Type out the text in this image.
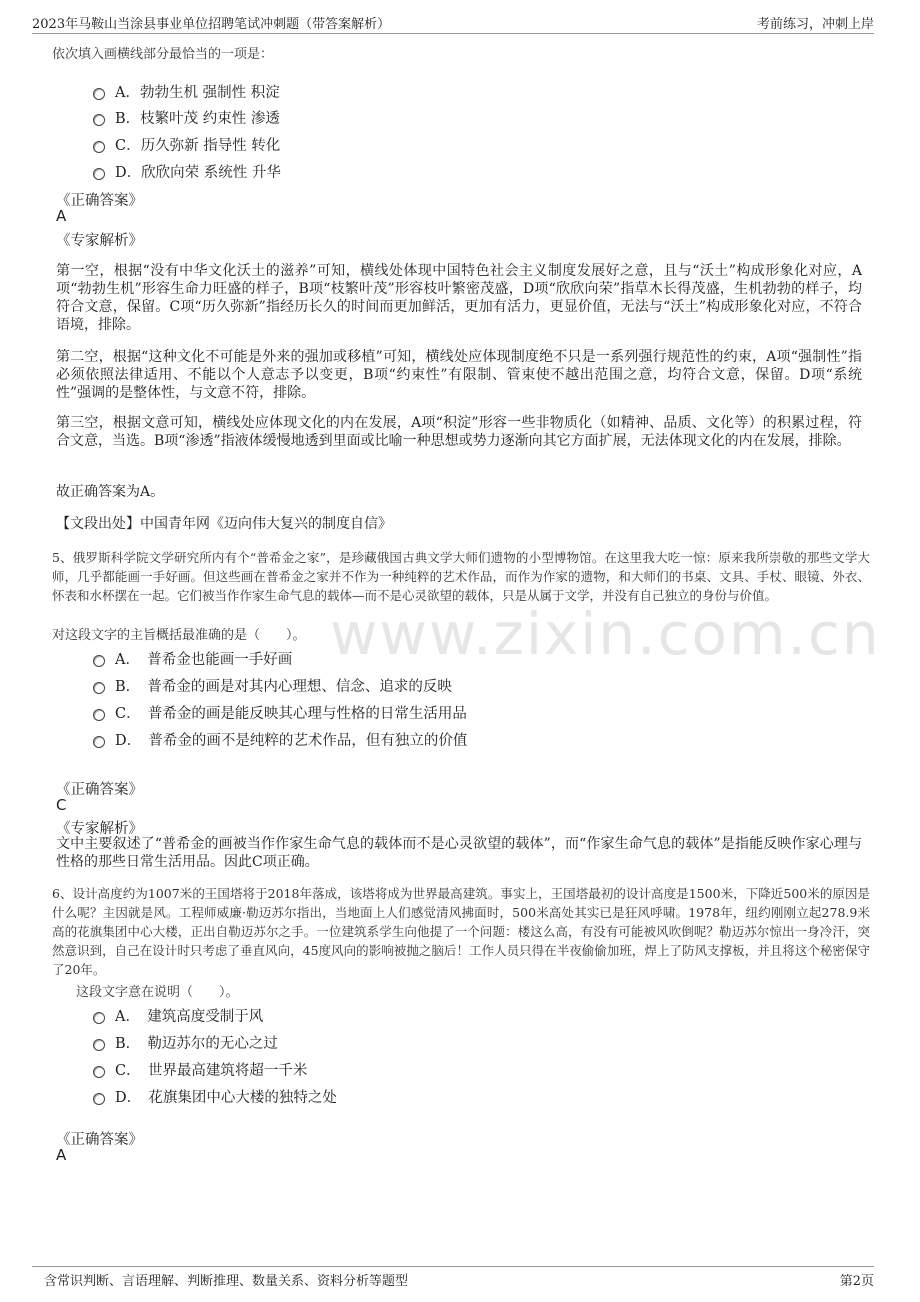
2023年马鞍山当涂县事业单位招聘笔试冲刺题（带答案解析）	考前练习，冲刺上岸
www.zixin.com.cn
依次填入画横线部分最恰当的一项是：
A．勃勃生机 强制性 积淀
B．枝繁叶茂 约束性 渗透
C．历久弥新 指导性 转化
D．欣欣向荣 系统性 升华
《正确答案》
A
《专家解析》
第一空，根据“没有中华文化沃土的滋养”可知，横线处体现中国特色社会主义制度发展好之意，且与“沃土”构成形象化对应，A项“勃勃生机”形容生命力旺盛的样子，B项“枝繁叶茂”形容枝叶繁密茂盛，D项“欣欣向荣”指草木长得茂盛，生机勃勃的样子，均符合文意，保留。C项“历久弥新”指经历长久的时间而更加鲜活，更加有活力，更显价值，无法与“沃土”构成形象化对应，不符合语境，排除。
第二空，根据“这种文化不可能是外来的强加或移植”可知，横线处应体现制度绝不只是一系列强行规范性的约束，A项“强制性”指必须依照法律适用、不能以个人意志予以变更，B项“约束性”有限制、管束使不越出范围之意，均符合文意，保留。D项“系统性”强调的是整体性，与文意不符，排除。
第三空，根据文意可知，横线处应体现文化的内在发展，A项“积淀”形容一些非物质化（如精神、品质、文化等）的积累过程，符合文意，当选。B项“渗透”指液体缓慢地透到里面或比喻一种思想或势力逐渐向其它方面扩展，无法体现文化的内在发展，排除。
故正确答案为A。
【文段出处】中国青年网《迈向伟大复兴的制度自信》
5、俄罗斯科学院文学研究所内有个“普希金之家”，是珍藏俄国古典文学大师们遗物的小型博物馆。在这里我大吃一惊：原来我所崇敬的那些文学大师，几乎都能画一手好画。但这些画在普希金之家并不作为一种纯粹的艺术作品，而作为作家的遗物，和大师们的书桌、文具、手杖、眼镜、外衣、怀表和水杯摆在一起。它们被当作作家生命气息的载体—而不是心灵欲望的载体，只是从属于文学，并没有自己独立的身份与价值。
对这段文字的主旨概括最准确的是（　　）。
A．　普希金也能画一手好画
B．　普希金的画是对其内心理想、信念、追求的反映
C．　普希金的画是能反映其心理与性格的日常生活用品
D．　普希金的画不是纯粹的艺术作品，但有独立的价值
《正确答案》
C
《专家解析》
文中主要叙述了“普希金的画被当作作家生命气息的载体而不是心灵欲望的载体”，而“作家生命气息的载体”是指能反映作家心理与性格的那些日常生活用品。因此C项正确。
6、设计高度约为1007米的王国塔将于2018年落成，该塔将成为世界最高建筑。事实上，王国塔最初的设计高度是1500米，下降近500米的原因是什么呢？主因就是风。工程师威廉·勒迈苏尔指出，当地面上人们感觉清风拂面时，500米高处其实已是狂风呼啸。1978年，纽约刚刚立起278.9米高的花旗集团中心大楼，正出自勒迈苏尔之手。一位建筑系学生向他提了一个问题：楼这么高，有没有可能被风吹倒呢？勒迈苏尔惊出一身冷汗，突然意识到，自己在设计时只考虑了垂直风向，45度风向的影响被抛之脑后！工作人员只得在半夜偷偷加班，焊上了防风支撑板，并且将这个秘密保守了20年。
这段文字意在说明（　　）。
A．　建筑高度受制于风
B．　勒迈苏尔的无心之过
C．　世界最高建筑将超一千米
D．　花旗集团中心大楼的独特之处
《正确答案》
A
含常识判断、言语理解、判断推理、数量关系、资料分析等题型	第2页
